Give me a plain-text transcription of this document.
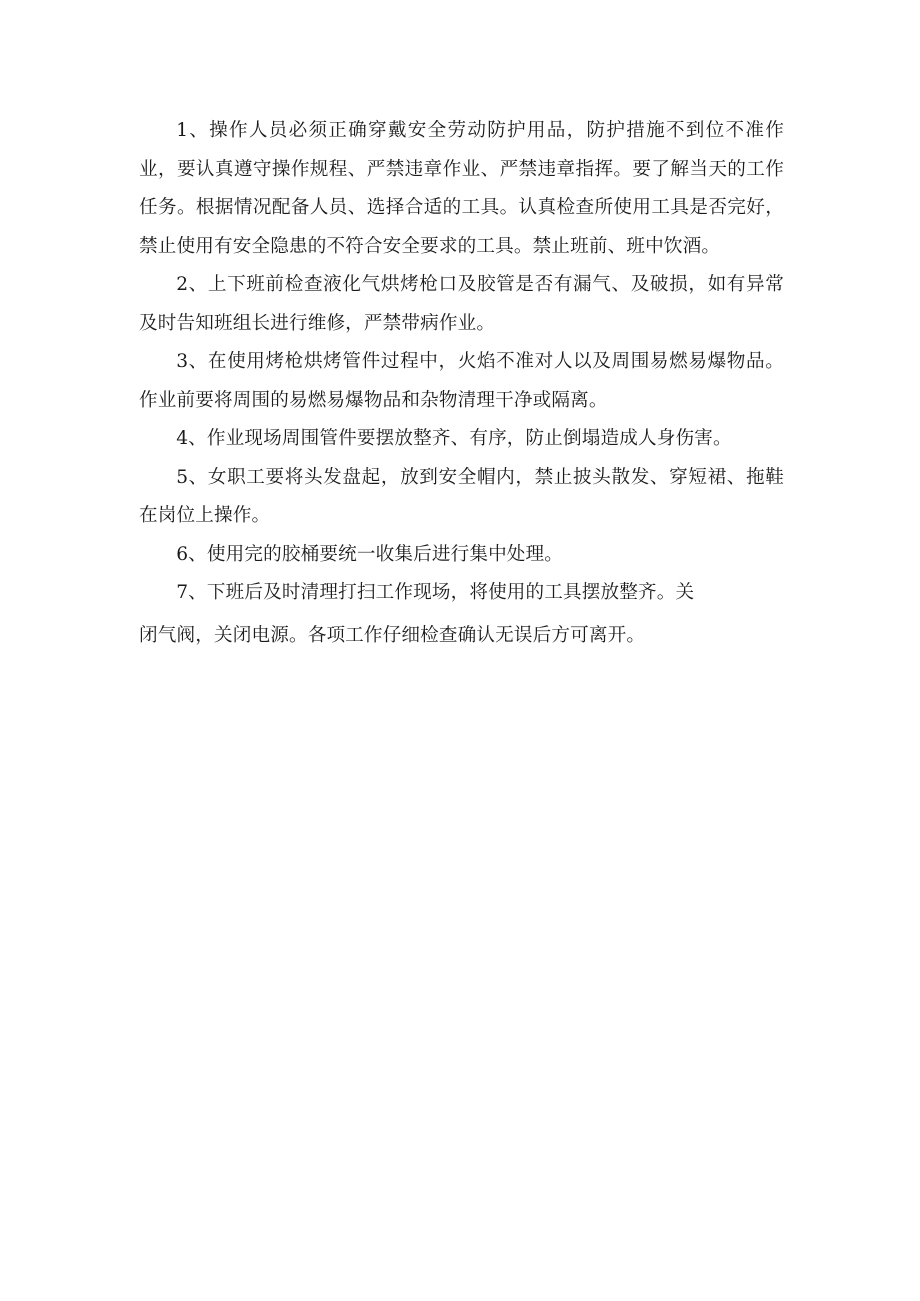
1、操作人员必须正确穿戴安全劳动防护用品，防护措施不到位不准作业，要认真遵守操作规程、严禁违章作业、严禁违章指挥。要了解当天的工作任务。根据情况配备人员、选择合适的工具。认真检查所使用工具是否完好，禁止使用有安全隐患的不符合安全要求的工具。禁止班前、班中饮酒。

2、上下班前检查液化气烘烤枪口及胶管是否有漏气、及破损，如有异常及时告知班组长进行维修，严禁带病作业。

3、在使用烤枪烘烤管件过程中，火焰不准对人以及周围易燃易爆物品。作业前要将周围的易燃易爆物品和杂物清理干净或隔离。

4、作业现场周围管件要摆放整齐、有序，防止倒塌造成人身伤害。

5、女职工要将头发盘起，放到安全帽内，禁止披头散发、穿短裙、拖鞋在岗位上操作。

6、使用完的胶桶要统一收集后进行集中处理。

7、下班后及时清理打扫工作现场，将使用的工具摆放整齐。关

闭气阀，关闭电源。各项工作仔细检查确认无误后方可离开。
